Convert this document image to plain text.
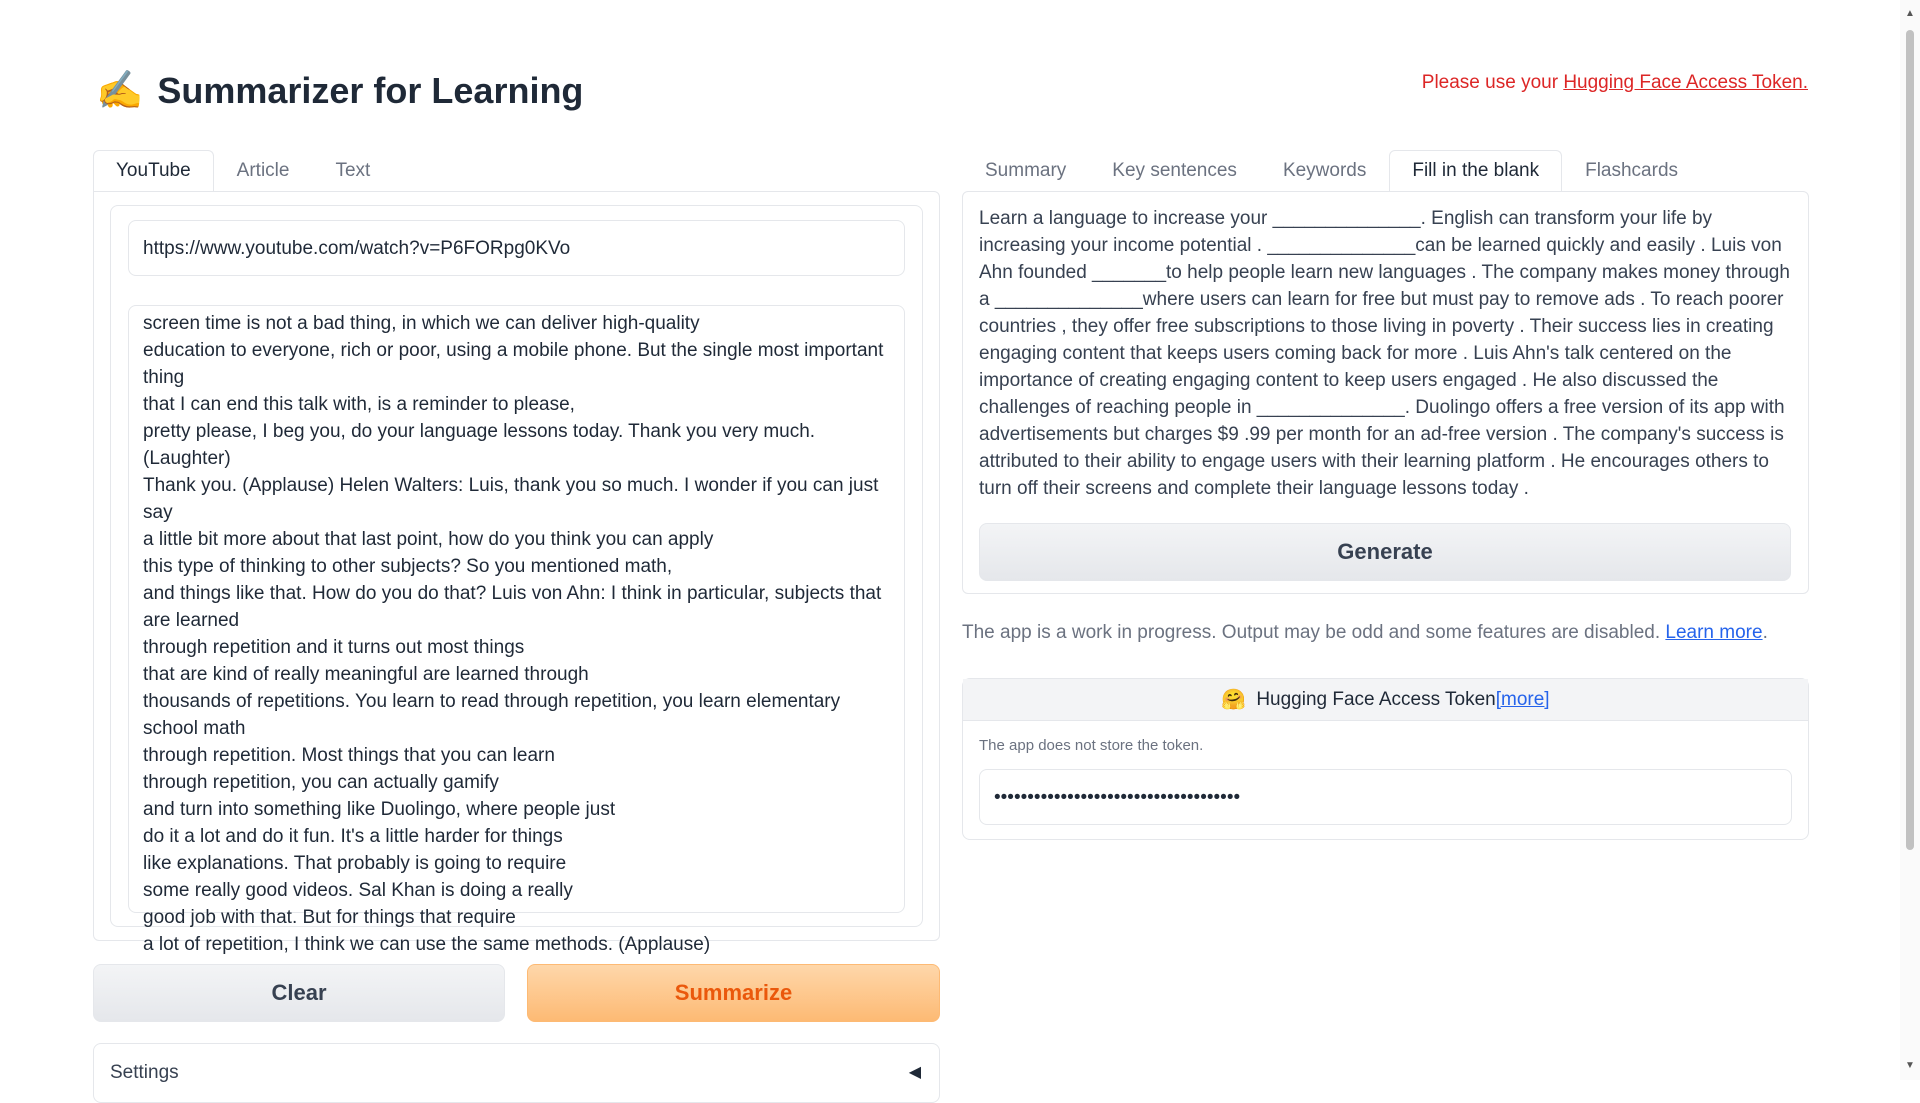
✍️ Summarizer for Learning	Please use your Hugging Face Access Token.
YouTube	Article	Text
https://www.youtube.com/watch?v=P6FORpg0KVo
screen time is not a bad thing, in which we can deliver high-quality
education to everyone, rich or poor, using a mobile phone. But the single most important thing
that I can end this talk with, is a reminder to please,
pretty please, I beg you, do your language lessons today. Thank you very much. (Laughter)
Thank you. (Applause) Helen Walters: Luis, thank you so much. I wonder if you can just say
a little bit more about that last point, how do you think you can apply
this type of thinking to other subjects? So you mentioned math,
and things like that. How do you do that? Luis von Ahn: I think in particular, subjects that are learned
through repetition and it turns out most things
that are kind of really meaningful are learned through
thousands of repetitions. You learn to read through repetition, you learn elementary school math
through repetition. Most things that you can learn
through repetition, you can actually gamify
and turn into something like Duolingo, where people just
do it a lot and do it fun. It's a little harder for things
like explanations. That probably is going to require
some really good videos. Sal Khan is doing a really
good job with that. But for things that require
a lot of repetition, I think we can use the same methods. (Applause)
Clear	Summarize
Settings	◀
Summary	Key sentences	Keywords	Fill in the blank	Flashcards
Learn a language to increase your ______________. English can transform your life by increasing your income potential . ______________can be learned quickly and easily . Luis von Ahn founded _______to help people learn new languages . The company makes money through a ______________where users can learn for free but must pay to remove ads . To reach poorer countries , they offer free subscriptions to those living in poverty . Their success lies in creating engaging content that keeps users coming back for more . Luis Ahn's talk centered on the importance of creating engaging content to keep users engaged . He also discussed the challenges of reaching people in ______________. Duolingo offers a free version of its app with advertisements but charges $9 .99 per month for an ad-free version . The company's success is attributed to their ability to engage users with their learning platform . He encourages others to turn off their screens and complete their language lessons today .
Generate
The app is a work in progress. Output may be odd and some features are disabled. Learn more.
🤗 Hugging Face Access Token [more]
The app does not store the token.
•••••••••••••••••••••••••••••••••••••
▲
▼
